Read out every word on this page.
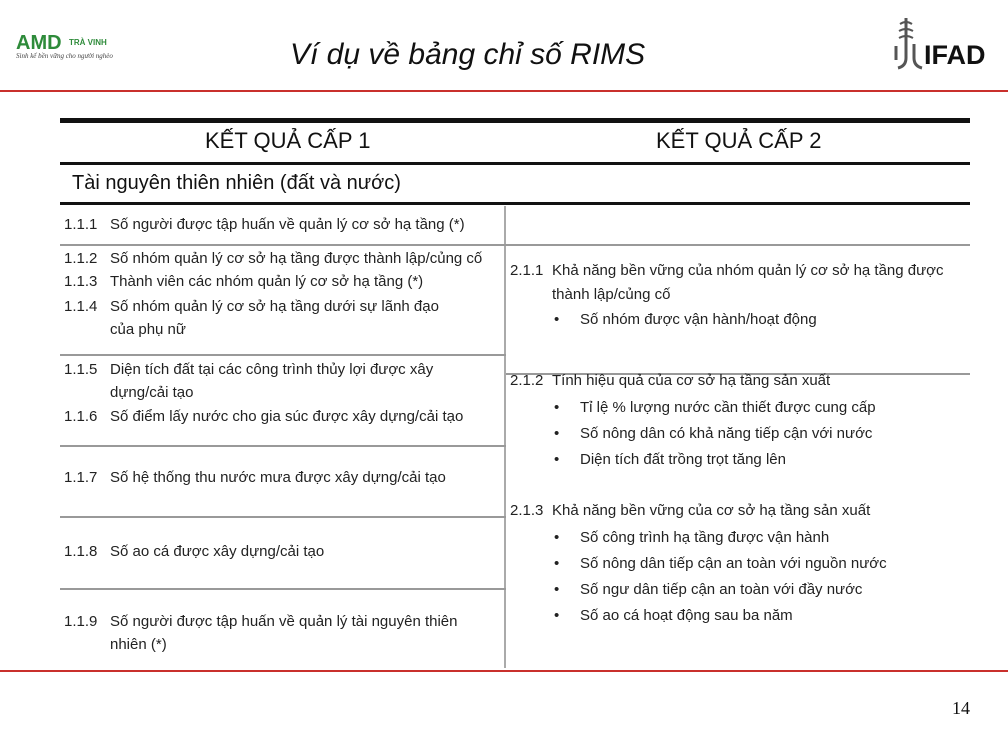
AMD TRÀ VINH
Sinh kế bền vững cho người nghèo	Ví dụ về bảng chỉ số RIMS	IFAD
KẾT QUẢ CẤP 1	KẾT QUẢ CẤP 2
Tài nguyên thiên nhiên (đất và nước)
1.1.1 Số người được tập huấn về quản lý cơ sở hạ tầng (*)
1.1.2 Số nhóm quản lý cơ sở hạ tầng được thành lập/củng cố
1.1.3 Thành viên các nhóm quản lý cơ sở hạ tầng (*)
1.1.4 Số nhóm quản lý cơ sở hạ tầng dưới sự lãnh đạo
của phụ nữ
1.1.5 Diện tích đất tại các công trình thủy lợi được xây
dựng/cải tạo
1.1.6 Số điểm lấy nước cho gia súc được xây dựng/cải tạo
1.1.7 Số hệ thống thu nước mưa được xây dựng/cải tạo
1.1.8 Số ao cá được xây dựng/cải tạo
1.1.9 Số người được tập huấn về quản lý tài nguyên thiên
nhiên (*)
2.1.1 Khả năng bền vững của nhóm quản lý cơ sở hạ tầng được
thành lập/củng cố
• Số nhóm được vận hành/hoạt động
2.1.2 Tính hiệu quả của cơ sở hạ tầng sản xuất
• Tỉ lệ % lượng nước cần thiết được cung cấp
• Số nông dân có khả năng tiếp cận với nước
• Diện tích đất trồng trọt tăng lên
2.1.3 Khả năng bền vững của cơ sở hạ tầng sản xuất
• Số công trình hạ tầng được vận hành
• Số nông dân tiếp cận an toàn với nguồn nước
• Số ngư dân tiếp cận an toàn với đầy nước
• Số ao cá hoạt động sau ba năm
14
